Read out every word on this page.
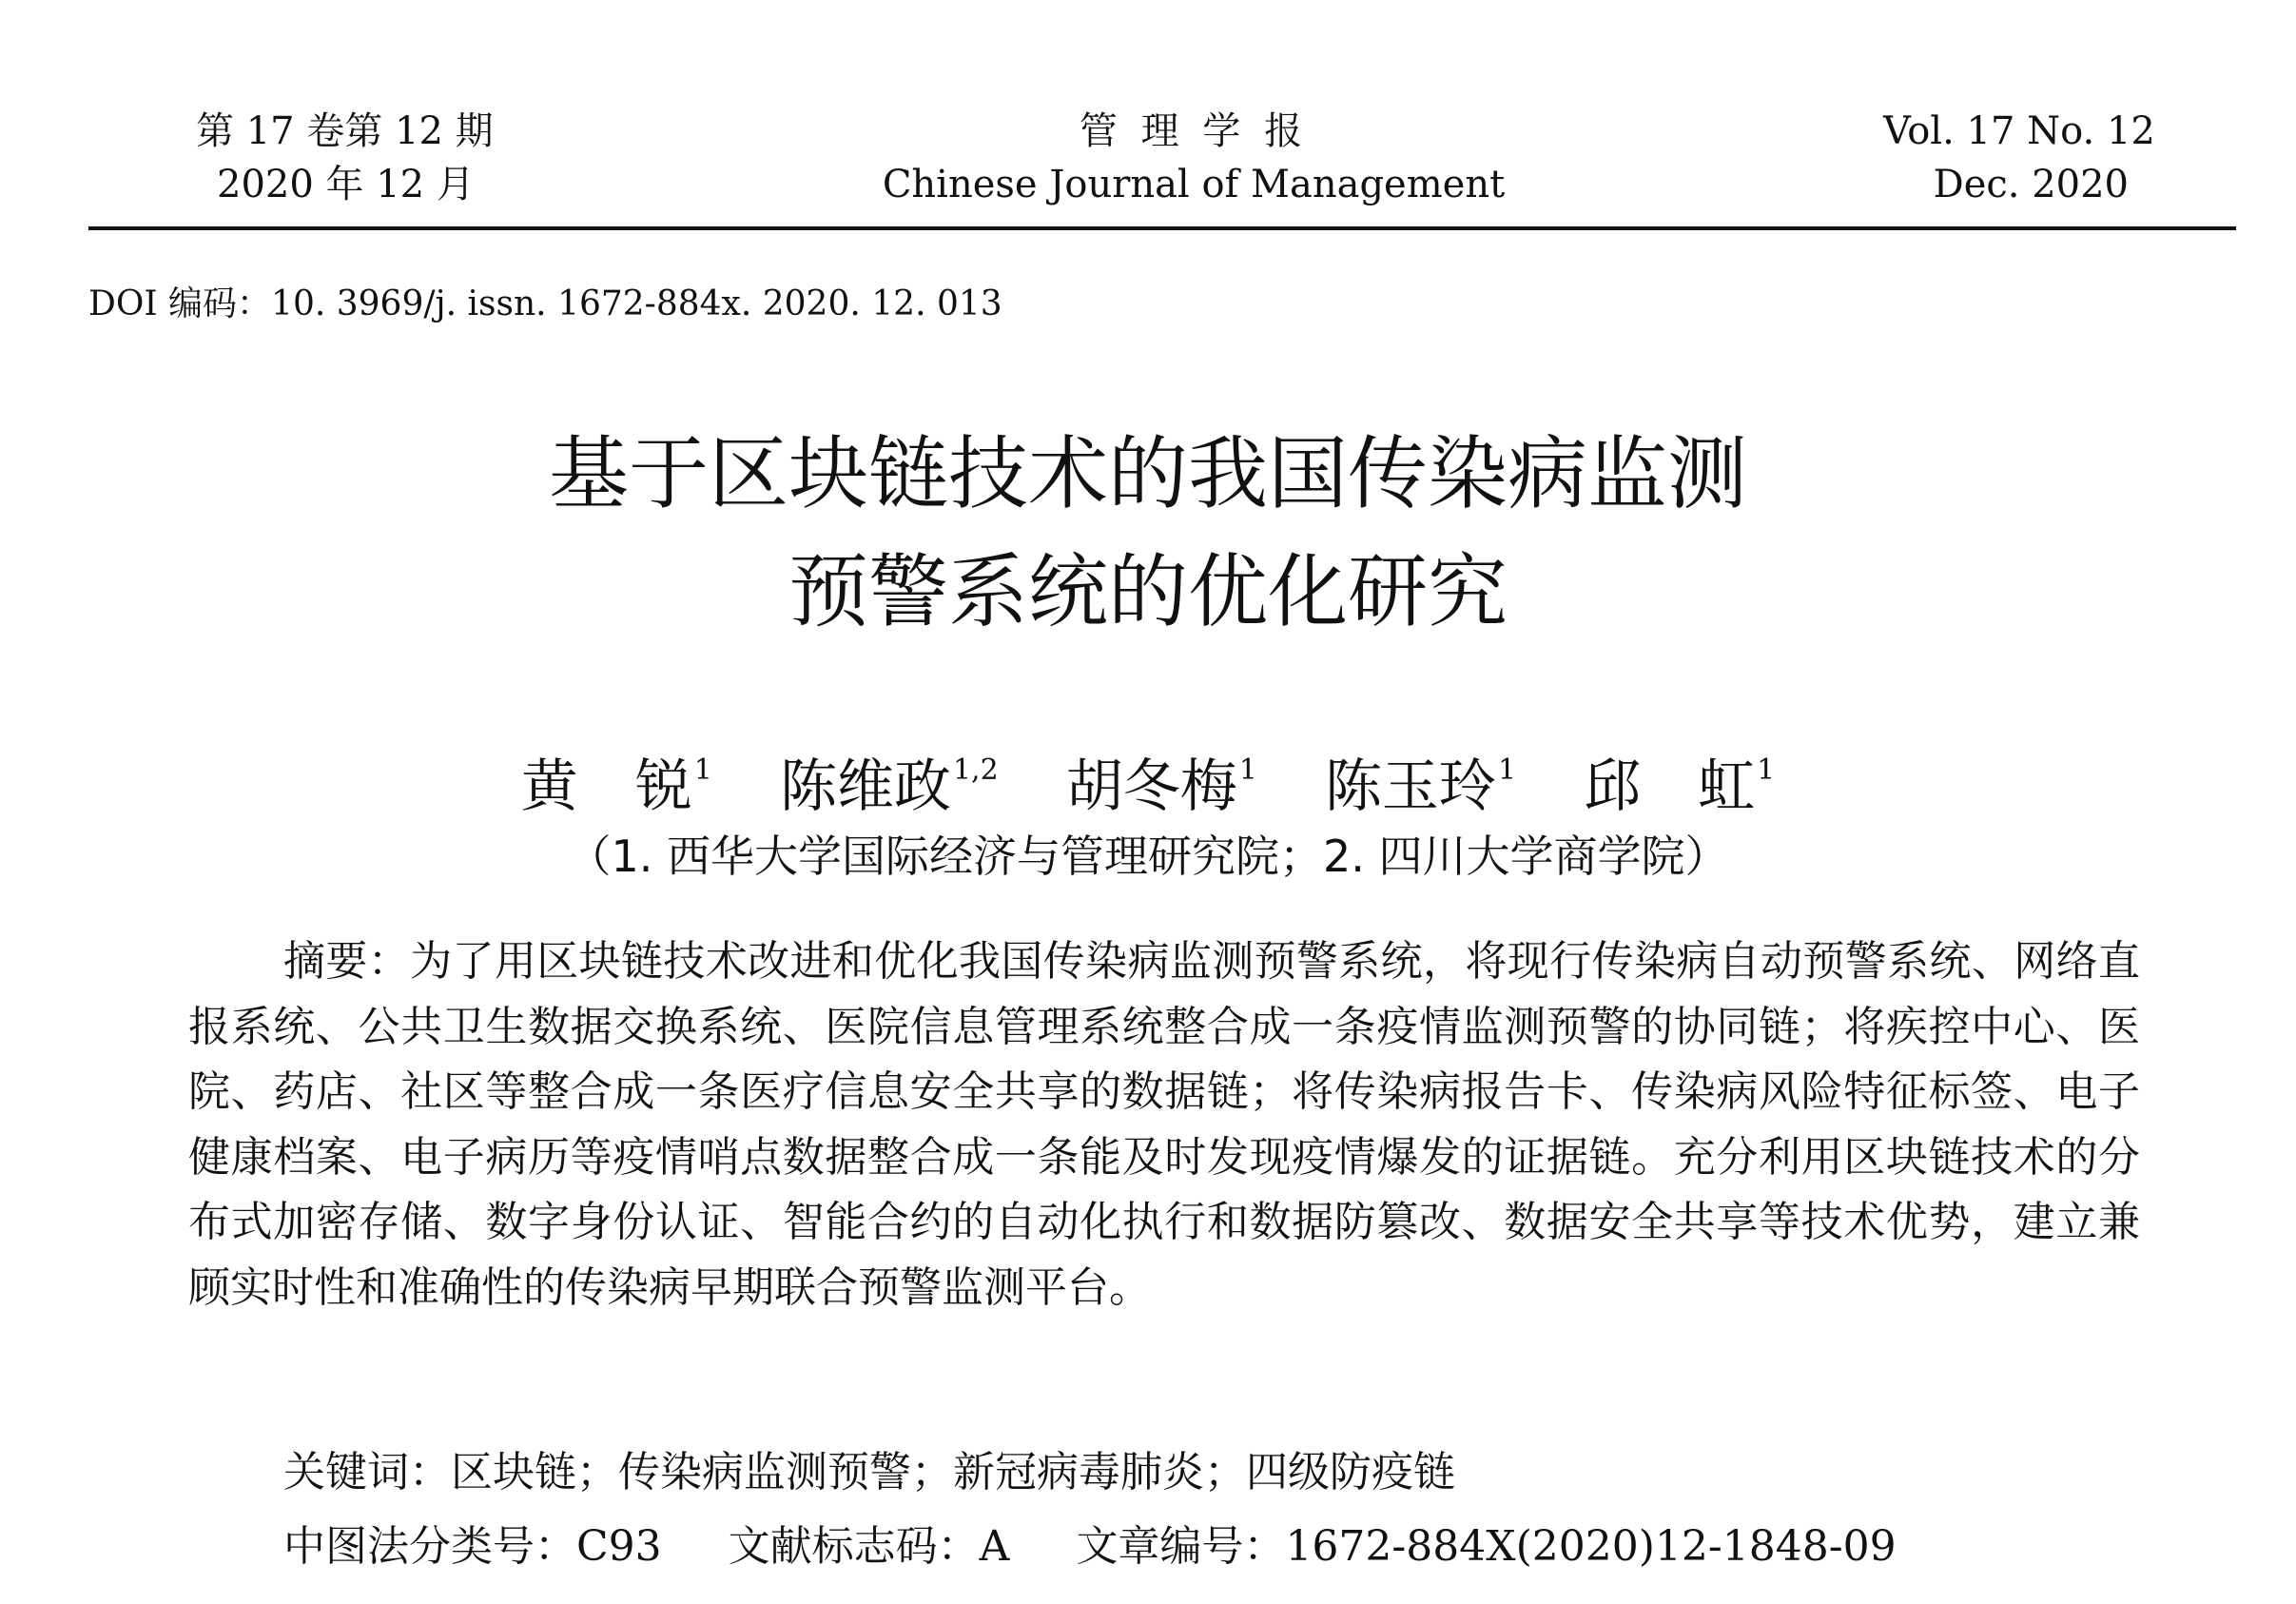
第 17 卷第 12 期
2020 年 12 月
管 理 学 报
Chinese Journal of Management
Vol. 17 No. 12
Dec. 2020
DOI 编码：10. 3969/j. issn. 1672-884x. 2020. 12. 013
基于区块链技术的我国传染病监测
预警系统的优化研究
黄　锐$^1$ 陈维政$^{1,2}$ 胡冬梅$^1$ 陈玉玲$^1$ 邱　虹$^1$
（1. 西华大学国际经济与管理研究院；2. 四川大学商学院）
摘要：为了用区块链技术改进和优化我国传染病监测预警系统，将现行传染病自动预警系统、网络直报系统、公共卫生数据交换系统、医院信息管理系统整合成一条疫情监测预警的协同链；将疾控中心、医院、药店、社区等整合成一条医疗信息安全共享的数据链；将传染病报告卡、传染病风险特征标签、电子健康档案、电子病历等疫情哨点数据整合成一条能及时发现疫情爆发的证据链。充分利用区块链技术的分布式加密存储、数字身份认证、智能合约的自动化执行和数据防篡改、数据安全共享等技术优势，建立兼顾实时性和准确性的传染病早期联合预警监测平台。
关键词：区块链；传染病监测预警；新冠病毒肺炎；四级防疫链
中图法分类号：C93 文献标志码：A 文章编号：1672-884X(2020)12-1848-09
